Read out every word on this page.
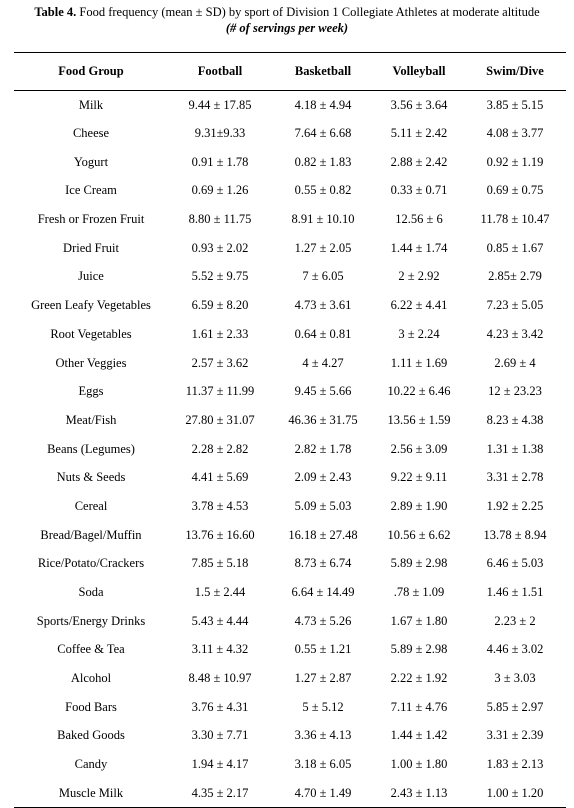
Table 4. Food frequency (mean ± SD) by sport of Division 1 Collegiate Athletes at moderate altitude
(# of servings per week)
Food Group	Football	Basketball	Volleyball	Swim/Dive
Milk	9.44 ± 17.85	4.18 ± 4.94	3.56 ± 3.64	3.85 ± 5.15
Cheese	9.31±9.33	7.64 ± 6.68	5.11 ± 2.42	4.08 ± 3.77
Yogurt	0.91 ± 1.78	0.82 ± 1.83	2.88 ± 2.42	0.92 ± 1.19
Ice Cream	0.69 ± 1.26	0.55 ± 0.82	0.33 ± 0.71	0.69 ± 0.75
Fresh or Frozen Fruit	8.80 ± 11.75	8.91 ± 10.10	12.56 ± 6	11.78 ± 10.47
Dried Fruit	0.93 ± 2.02	1.27 ± 2.05	1.44 ± 1.74	0.85 ± 1.67
Juice	5.52 ± 9.75	7 ± 6.05	2 ± 2.92	2.85± 2.79
Green Leafy Vegetables	6.59 ± 8.20	4.73 ± 3.61	6.22 ± 4.41	7.23 ± 5.05
Root Vegetables	1.61 ± 2.33	0.64 ± 0.81	3 ± 2.24	4.23 ± 3.42
Other Veggies	2.57 ± 3.62	4 ± 4.27	1.11 ± 1.69	2.69 ± 4
Eggs	11.37 ± 11.99	9.45 ± 5.66	10.22 ± 6.46	12 ± 23.23
Meat/Fish	27.80 ± 31.07	46.36 ± 31.75	13.56 ± 1.59	8.23 ± 4.38
Beans (Legumes)	2.28 ± 2.82	2.82 ± 1.78	2.56 ± 3.09	1.31 ± 1.38
Nuts & Seeds	4.41 ± 5.69	2.09 ± 2.43	9.22 ± 9.11	3.31 ± 2.78
Cereal	3.78 ± 4.53	5.09 ± 5.03	2.89 ± 1.90	1.92 ± 2.25
Bread/Bagel/Muffin	13.76 ± 16.60	16.18 ± 27.48	10.56 ± 6.62	13.78 ± 8.94
Rice/Potato/Crackers	7.85 ± 5.18	8.73 ± 6.74	5.89 ± 2.98	6.46 ± 5.03
Soda	1.5 ± 2.44	6.64 ± 14.49	.78 ± 1.09	1.46 ± 1.51
Sports/Energy Drinks	5.43 ± 4.44	4.73 ± 5.26	1.67 ± 1.80	2.23 ± 2
Coffee & Tea	3.11 ± 4.32	0.55 ± 1.21	5.89 ± 2.98	4.46 ± 3.02
Alcohol	8.48 ± 10.97	1.27 ± 2.87	2.22 ± 1.92	3 ± 3.03
Food Bars	3.76 ± 4.31	5 ± 5.12	7.11 ± 4.76	5.85 ± 2.97
Baked Goods	3.30 ± 7.71	3.36 ± 4.13	1.44 ± 1.42	3.31 ± 2.39
Candy	1.94 ± 4.17	3.18 ± 6.05	1.00 ± 1.80	1.83 ± 2.13
Muscle Milk	4.35 ± 2.17	4.70 ± 1.49	2.43 ± 1.13	1.00 ± 1.20
